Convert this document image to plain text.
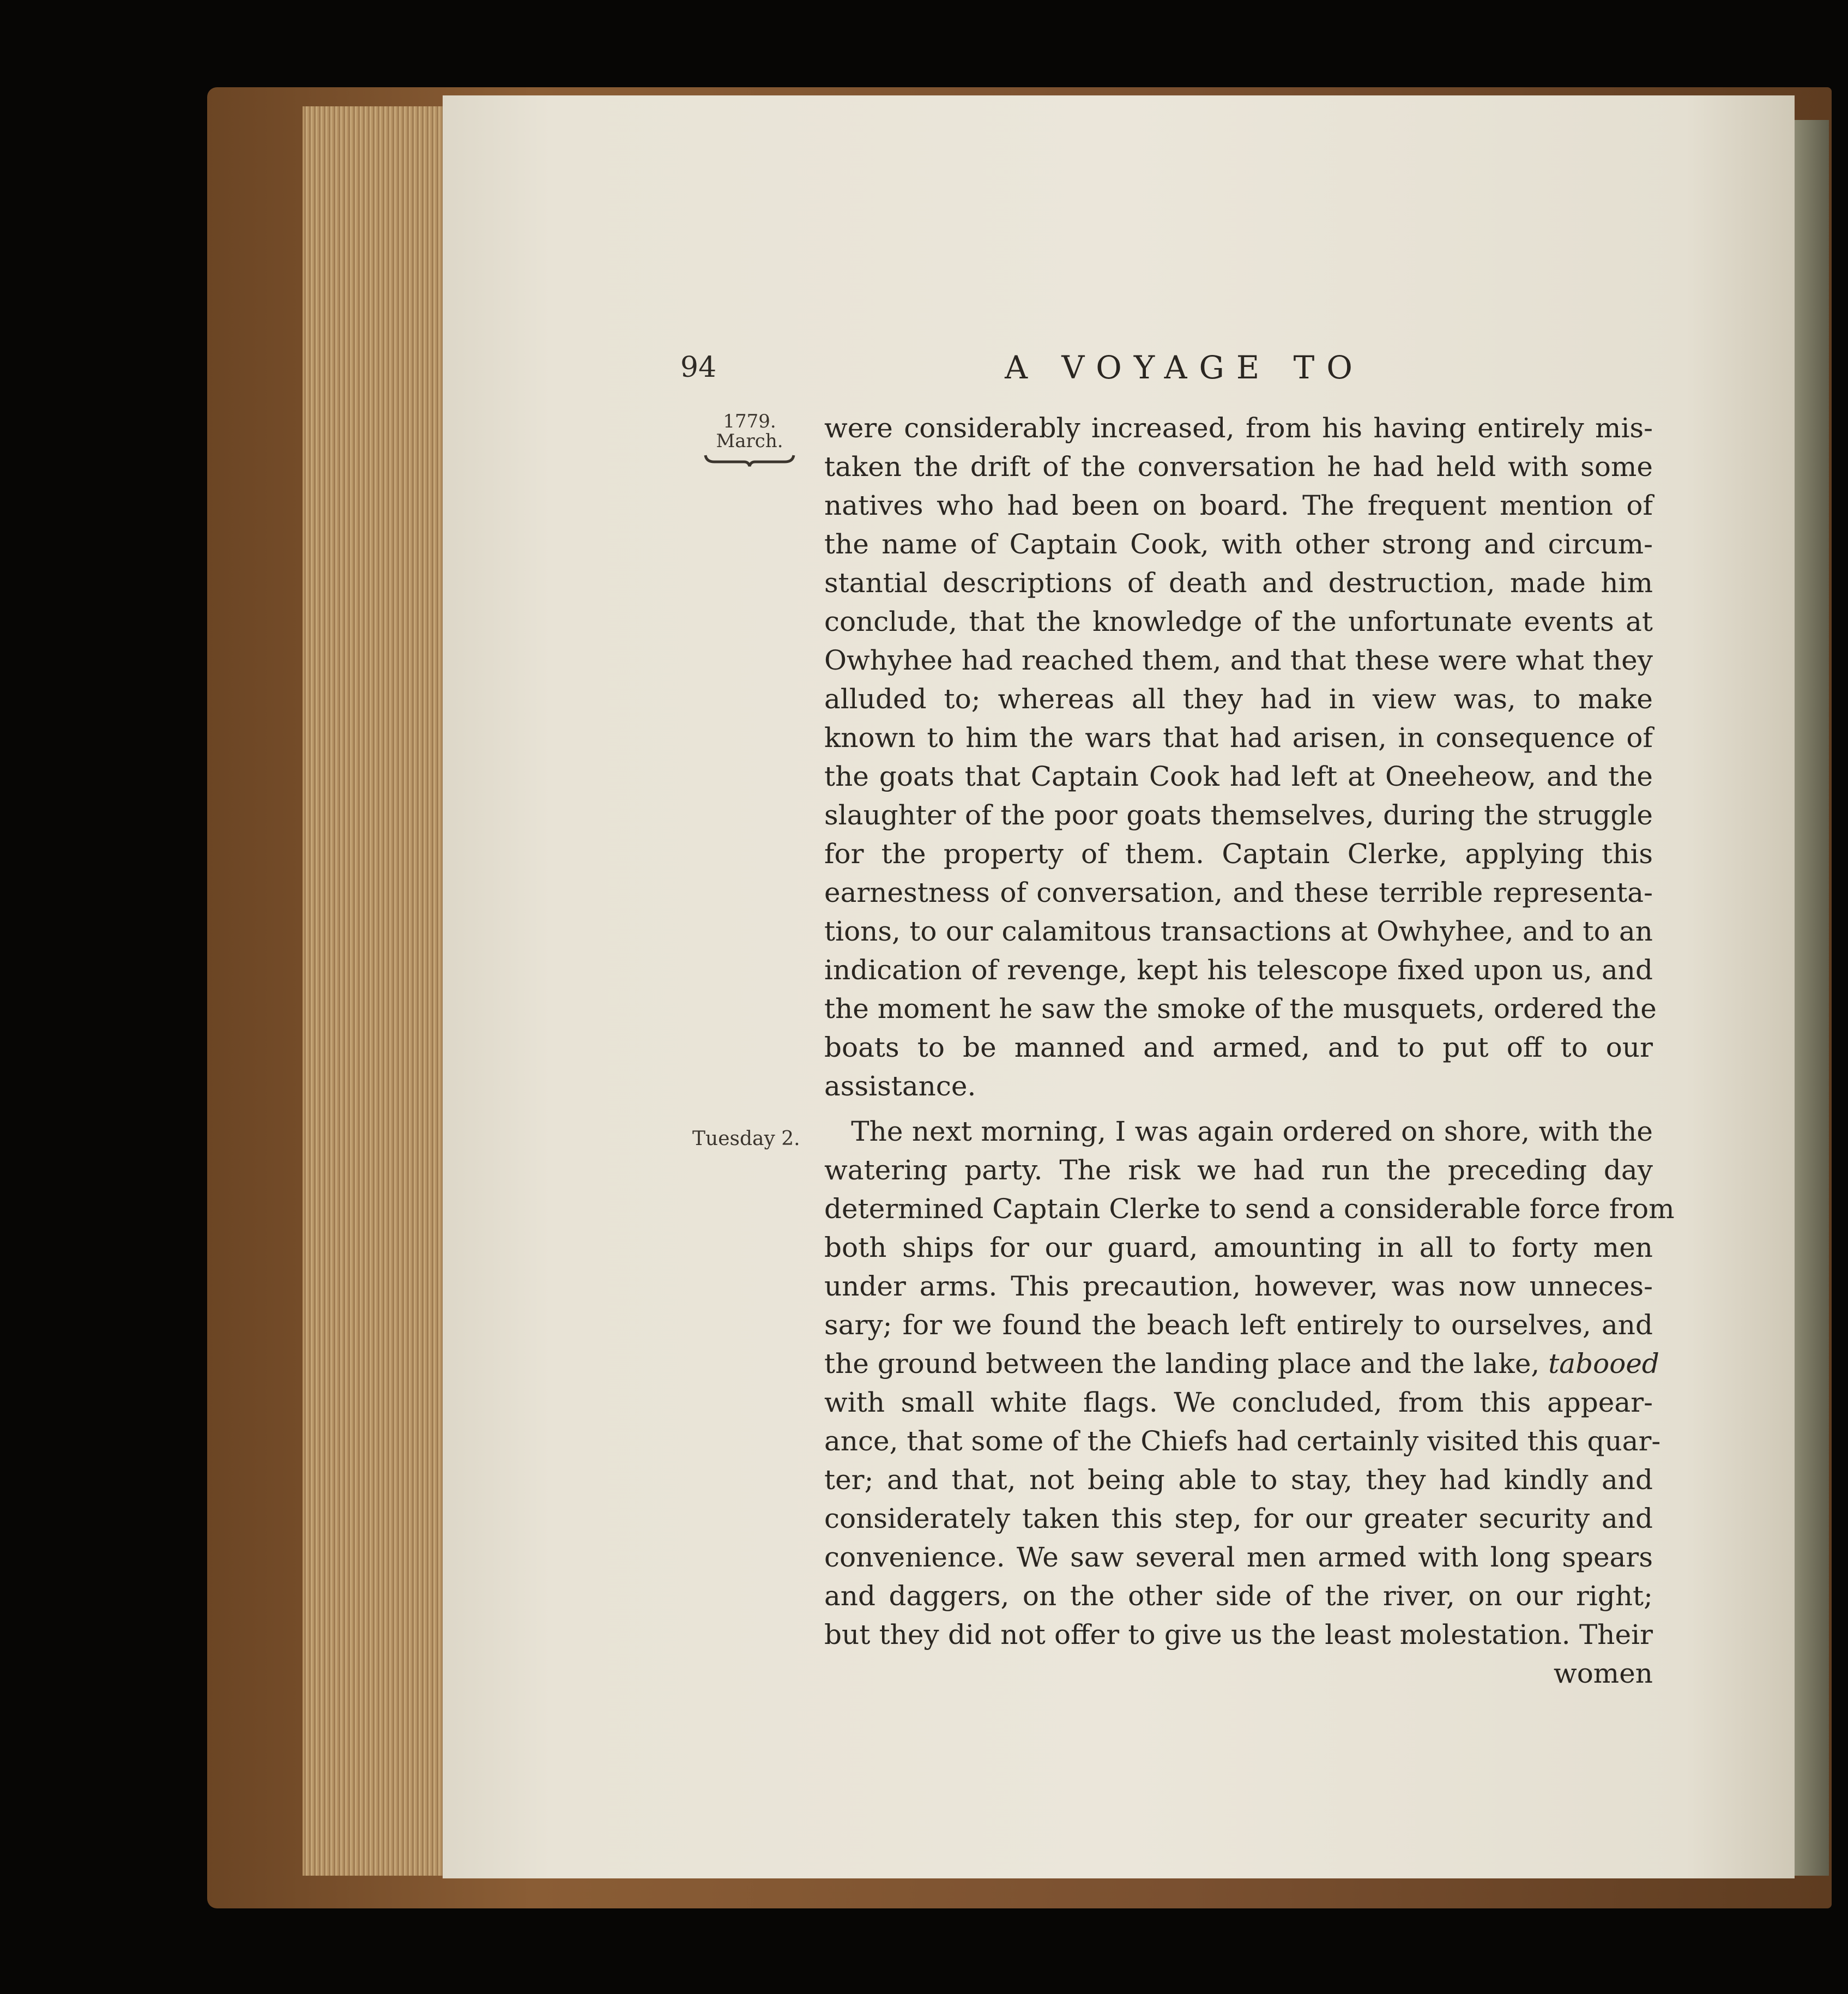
94	A VOYAGE TO
1779.
March.
Tuesday 2.
were considerably increased, from his having entirely mis-
taken the drift of the conversation he had held with some
natives who had been on board. The frequent mention of
the name of Captain Cook, with other strong and circum-
stantial descriptions of death and destruction, made him
conclude, that the knowledge of the unfortunate events at
Owhyhee had reached them, and that these were what they
alluded to; whereas all they had in view was, to make
known to him the wars that had arisen, in consequence of
the goats that Captain Cook had left at Oneeheow, and the
slaughter of the poor goats themselves, during the struggle
for the property of them. Captain Clerke, applying this
earnestness of conversation, and these terrible representa-
tions, to our calamitous transactions at Owhyhee, and to an
indication of revenge, kept his telescope fixed upon us, and
the moment he saw the smoke of the musquets, ordered the
boats to be manned and armed, and to put off to our
assistance.
The next morning, I was again ordered on shore, with the
watering party. The risk we had run the preceding day
determined Captain Clerke to send a considerable force from
both ships for our guard, amounting in all to forty men
under arms. This precaution, however, was now unneces-
sary; for we found the beach left entirely to ourselves, and
the ground between the landing place and the lake, tabooed
with small white flags. We concluded, from this appear-
ance, that some of the Chiefs had certainly visited this quar-
ter; and that, not being able to stay, they had kindly and
considerately taken this step, for our greater security and
convenience. We saw several men armed with long spears
and daggers, on the other side of the river, on our right;
but they did not offer to give us the least molestation. Their
women
